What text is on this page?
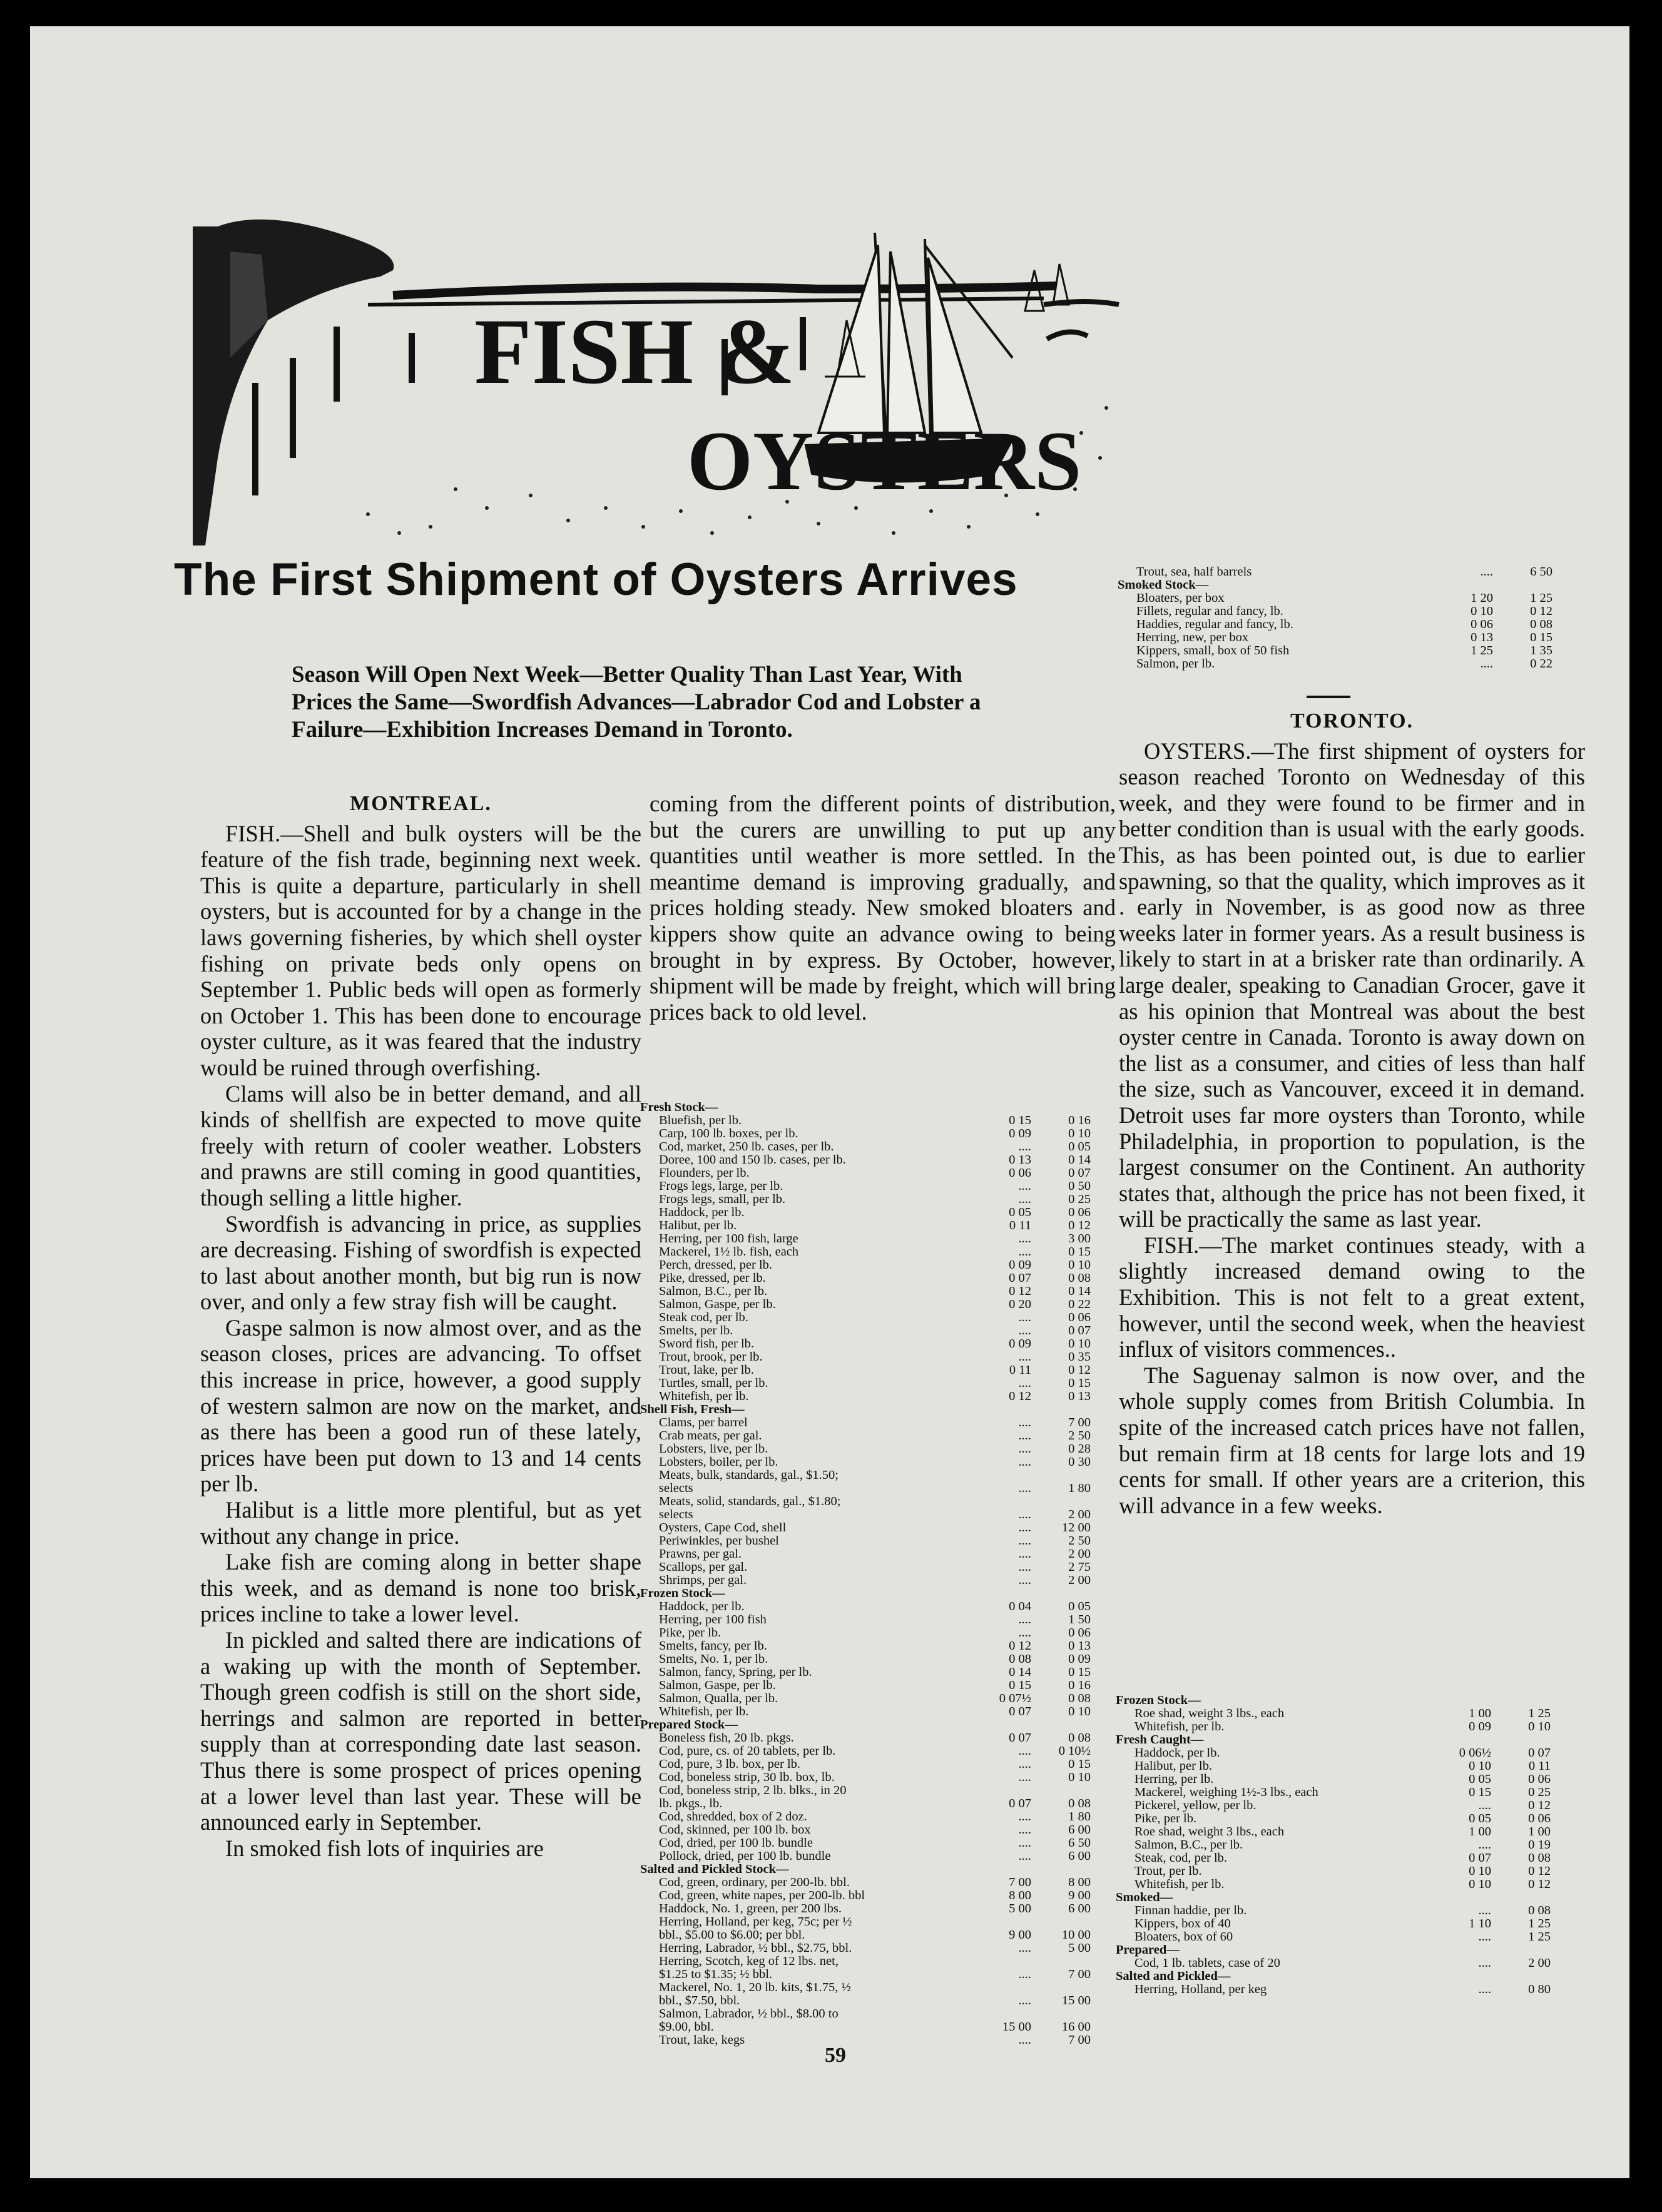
FISH &
OYSTERS
The First Shipment of Oysters Arrives
Season Will Open Next Week—Better Quality Than Last Year, With Prices the Same—Swordfish Advances—Labrador Cod and Lobster a Failure—Exhibition Increases Demand in Toronto.
MONTREAL.

FISH.—Shell and bulk oysters will be the feature of the fish trade, beginning next week. This is quite a departure, particularly in shell oysters, but is accounted for by a change in the laws governing fisheries, by which shell oyster fishing on private beds only opens on September 1. Public beds will open as formerly on October 1. This has been done to encourage oyster culture, as it was feared that the industry would be ruined through overfishing.

Clams will also be in better demand, and all kinds of shellfish are expected to move quite freely with return of cooler weather. Lobsters and prawns are still coming in good quantities, though selling a little higher.

Swordfish is advancing in price, as supplies are decreasing. Fishing of swordfish is expected to last about another month, but big run is now over, and only a few stray fish will be caught.

Gaspe salmon is now almost over, and as the season closes, prices are advancing. To offset this increase in price, however, a good supply of western salmon are now on the market, and as there has been a good run of these lately, prices have been put down to 13 and 14 cents per lb.

Halibut is a little more plentiful, but as yet without any change in price.

Lake fish are coming along in better shape this week, and as demand is none too brisk, prices incline to take a lower level.

In pickled and salted there are indications of a waking up with the month of September. Though green codfish is still on the short side, herrings and salmon are reported in better supply than at corresponding date last season. Thus there is some prospect of prices opening at a lower level than last year. These will be announced early in September.

In smoked fish lots of inquiries are

coming from the different points of distribution, but the curers are unwilling to put up any quantities until weather is more settled. In the meantime demand is improving gradually, and prices holding steady. New smoked bloaters and kippers show quite an advance owing to being brought in by express. By October, however, shipment will be made by freight, which will bring prices back to old level.

Fresh Stock—
Bluefish, per lb.	0 15	0 16
Carp, 100 lb. boxes, per lb.	0 09	0 10
Cod, market, 250 lb. cases, per lb.	....	0 05
Doree, 100 and 150 lb. cases, per lb.	0 13	0 14
Flounders, per lb.	0 06	0 07
Frogs legs, large, per lb.	....	0 50
Frogs legs, small, per lb.	....	0 25
Haddock, per lb.	0 05	0 06
Halibut, per lb.	0 11	0 12
Herring, per 100 fish, large	....	3 00
Mackerel, 1½ lb. fish, each	....	0 15
Perch, dressed, per lb.	0 09	0 10
Pike, dressed, per lb.	0 07	0 08
Salmon, B.C., per lb.	0 12	0 14
Salmon, Gaspe, per lb.	0 20	0 22
Steak cod, per lb.	....	0 06
Smelts, per lb.	....	0 07
Sword fish, per lb.	0 09	0 10
Trout, brook, per lb.	....	0 35
Trout, lake, per lb.	0 11	0 12
Turtles, small, per lb.	....	0 15
Whitefish, per lb.	0 12	0 13
Shell Fish, Fresh—
Clams, per barrel	....	7 00
Crab meats, per gal.	....	2 50
Lobsters, live, per lb.	....	0 28
Lobsters, boiler, per lb.	....	0 30
Meats, bulk, standards, gal., $1.50;
selects	....	1 80
Meats, solid, standards, gal., $1.80;
selects	....	2 00
Oysters, Cape Cod, shell	....	12 00
Periwinkles, per bushel	....	2 50
Prawns, per gal.	....	2 00
Scallops, per gal.	....	2 75
Shrimps, per gal.	....	2 00
Frozen Stock—
Haddock, per lb.	0 04	0 05
Herring, per 100 fish	....	1 50
Pike, per lb.	....	0 06
Smelts, fancy, per lb.	0 12	0 13
Smelts, No. 1, per lb.	0 08	0 09
Salmon, fancy, Spring, per lb.	0 14	0 15
Salmon, Gaspe, per lb.	0 15	0 16
Salmon, Qualla, per lb.	0 07½	0 08
Whitefish, per lb.	0 07	0 10
Prepared Stock—
Boneless fish, 20 lb. pkgs.	0 07	0 08
Cod, pure, cs. of 20 tablets, per lb.	....	0 10½
Cod, pure, 3 lb. box, per lb.	....	0 15
Cod, boneless strip, 30 lb. box, lb.	....	0 10
Cod, boneless strip, 2 lb. blks., in 20
lb. pkgs., lb.	0 07	0 08
Cod, shredded, box of 2 doz.	....	1 80
Cod, skinned, per 100 lb. box	....	6 00
Cod, dried, per 100 lb. bundle	....	6 50
Pollock, dried, per 100 lb. bundle	....	6 00
Salted and Pickled Stock—
Cod, green, ordinary, per 200-lb. bbl.	7 00	8 00
Cod, green, white napes, per 200-lb. bbl	8 00	9 00
Haddock, No. 1, green, per 200 lbs.	5 00	6 00
Herring, Holland, per keg, 75c; per ½
bbl., $5.00 to $6.00; per bbl.	9 00	10 00
Herring, Labrador, ½ bbl., $2.75, bbl.	....	5 00
Herring, Scotch, keg of 12 lbs. net,
$1.25 to $1.35; ½ bbl.	....	7 00
Mackerel, No. 1, 20 lb. kits, $1.75, ½
bbl., $7.50, bbl.	....	15 00
Salmon, Labrador, ½ bbl., $8.00 to
$9.00, bbl.	15 00	16 00
Trout, lake, kegs	....	7 00
Trout, sea, half barrels	....	6 50
Smoked Stock—
Bloaters, per box	1 20	1 25
Fillets, regular and fancy, lb.	0 10	0 12
Haddies, regular and fancy, lb.	0 06	0 08
Herring, new, per box	0 13	0 15
Kippers, small, box of 50 fish	1 25	1 35
Salmon, per lb.	....	0 22
TORONTO.

OYSTERS.—The first shipment of oysters for season reached Toronto on Wednesday of this week, and they were found to be firmer and in better condition than is usual with the early goods. This, as has been pointed out, is due to earlier spawning, so that the quality, which improves as it . early in November, is as good now as three weeks later in former years. As a result business is likely to start in at a brisker rate than ordinarily. A large dealer, speaking to Canadian Grocer, gave it as his opinion that Montreal was about the best oyster centre in Canada. Toronto is away down on the list as a consumer, and cities of less than half the size, such as Vancouver, exceed it in demand. Detroit uses far more oysters than Toronto, while Philadelphia, in proportion to population, is the largest consumer on the Continent. An authority states that, although the price has not been fixed, it will be practically the same as last year.

FISH.—The market continues steady, with a slightly increased demand owing to the Exhibition. This is not felt to a great extent, however, until the second week, when the heaviest influx of visitors commences..

The Saguenay salmon is now over, and the whole supply comes from British Columbia. In spite of the increased catch prices have not fallen, but remain firm at 18 cents for large lots and 19 cents for small. If other years are a criterion, this will advance in a few weeks.

Frozen Stock—
Roe shad, weight 3 lbs., each	1 00	1 25
Whitefish, per lb.	0 09	0 10
Fresh Caught—
Haddock, per lb.	0 06½	0 07
Halibut, per lb.	0 10	0 11
Herring, per lb.	0 05	0 06
Mackerel, weighing 1½-3 lbs., each	0 15	0 25
Pickerel, yellow, per lb.	....	0 12
Pike, per lb.	0 05	0 06
Roe shad, weight 3 lbs., each	1 00	1 00
Salmon, B.C., per lb.	....	0 19
Steak, cod, per lb.	0 07	0 08
Trout, per lb.	0 10	0 12
Whitefish, per lb.	0 10	0 12
Smoked—
Finnan haddie, per lb.	....	0 08
Kippers, box of 40	1 10	1 25
Bloaters, box of 60	....	1 25
Prepared—
Cod, 1 lb. tablets, case of 20	....	2 00
Salted and Pickled—
Herring, Holland, per keg	....	0 80
59
